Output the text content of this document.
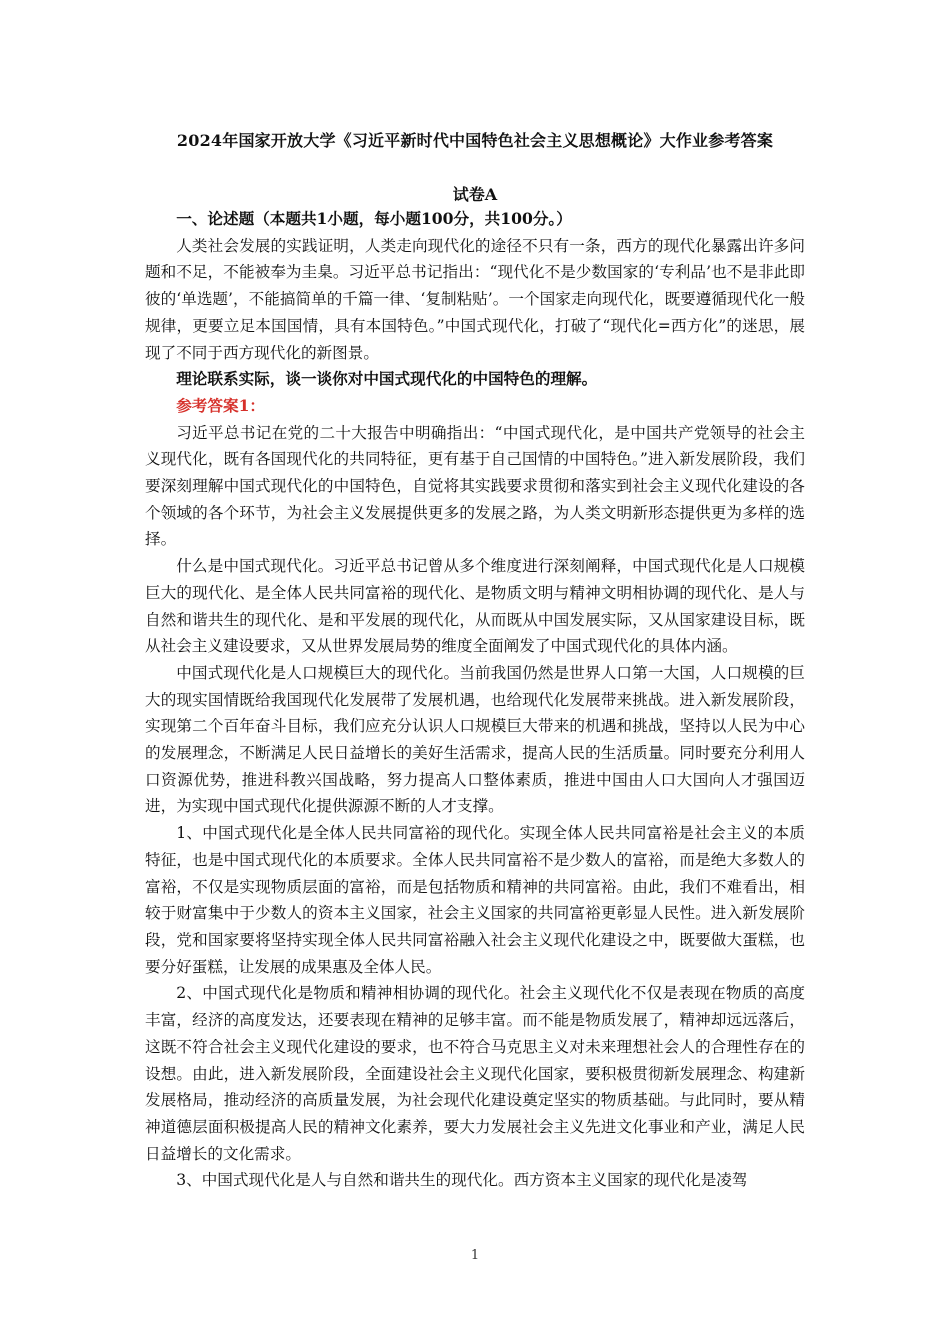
2024年国家开放大学《习近平新时代中国特色社会主义思想概论》大作业参考答案
试卷A

一、论述题（本题共1小题，每小题100分，共100分。）

人类社会发展的实践证明，人类走向现代化的途径不只有一条，西方的现代化暴露出许多问题和不足，不能被奉为圭臬。习近平总书记指出：“现代化不是少数国家的‘专利品’也不是非此即彼的‘单选题’，不能搞简单的千篇一律、‘复制粘贴’。一个国家走向现代化，既要遵循现代化一般规律，更要立足本国国情，具有本国特色。”中国式现代化，打破了“现代化=西方化”的迷思，展现了不同于西方现代化的新图景。

理论联系实际，谈一谈你对中国式现代化的中国特色的理解。

参考答案1：

习近平总书记在党的二十大报告中明确指出：“中国式现代化，是中国共产党领导的社会主义现代化，既有各国现代化的共同特征，更有基于自己国情的中国特色。”进入新发展阶段，我们要深刻理解中国式现代化的中国特色，自觉将其实践要求贯彻和落实到社会主义现代化建设的各个领域的各个环节，为社会主义发展提供更多的发展之路，为人类文明新形态提供更为多样的选择。

什么是中国式现代化。习近平总书记曾从多个维度进行深刻阐释，中国式现代化是人口规模巨大的现代化、是全体人民共同富裕的现代化、是物质文明与精神文明相协调的现代化、是人与自然和谐共生的现代化、是和平发展的现代化，从而既从中国发展实际，又从国家建设目标，既从社会主义建设要求，又从世界发展局势的维度全面阐发了中国式现代化的具体内涵。

中国式现代化是人口规模巨大的现代化。当前我国仍然是世界人口第一大国，人口规模的巨大的现实国情既给我国现代化发展带了发展机遇，也给现代化发展带来挑战。进入新发展阶段，实现第二个百年奋斗目标，我们应充分认识人口规模巨大带来的机遇和挑战，坚持以人民为中心的发展理念，不断满足人民日益增长的美好生活需求，提高人民的生活质量。同时要充分利用人口资源优势，推进科教兴国战略，努力提高人口整体素质，推进中国由人口大国向人才强国迈进，为实现中国式现代化提供源源不断的人才支撑。

1、中国式现代化是全体人民共同富裕的现代化。实现全体人民共同富裕是社会主义的本质特征，也是中国式现代化的本质要求。全体人民共同富裕不是少数人的富裕，而是绝大多数人的富裕，不仅是实现物质层面的富裕，而是包括物质和精神的共同富裕。由此，我们不难看出，相较于财富集中于少数人的资本主义国家，社会主义国家的共同富裕更彰显人民性。进入新发展阶段，党和国家要将坚持实现全体人民共同富裕融入社会主义现代化建设之中，既要做大蛋糕，也要分好蛋糕，让发展的成果惠及全体人民。

2、中国式现代化是物质和精神相协调的现代化。社会主义现代化不仅是表现在物质的高度丰富，经济的高度发达，还要表现在精神的足够丰富。而不能是物质发展了，精神却远远落后，这既不符合社会主义现代化建设的要求，也不符合马克思主义对未来理想社会人的合理性存在的设想。由此，进入新发展阶段，全面建设社会主义现代化国家，要积极贯彻新发展理念、构建新发展格局，推动经济的高质量发展，为社会现代化建设奠定坚实的物质基础。与此同时，要从精神道德层面积极提高人民的精神文化素养，要大力发展社会主义先进文化事业和产业，满足人民日益增长的文化需求。

3、中国式现代化是人与自然和谐共生的现代化。西方资本主义国家的现代化是凌驾

1
